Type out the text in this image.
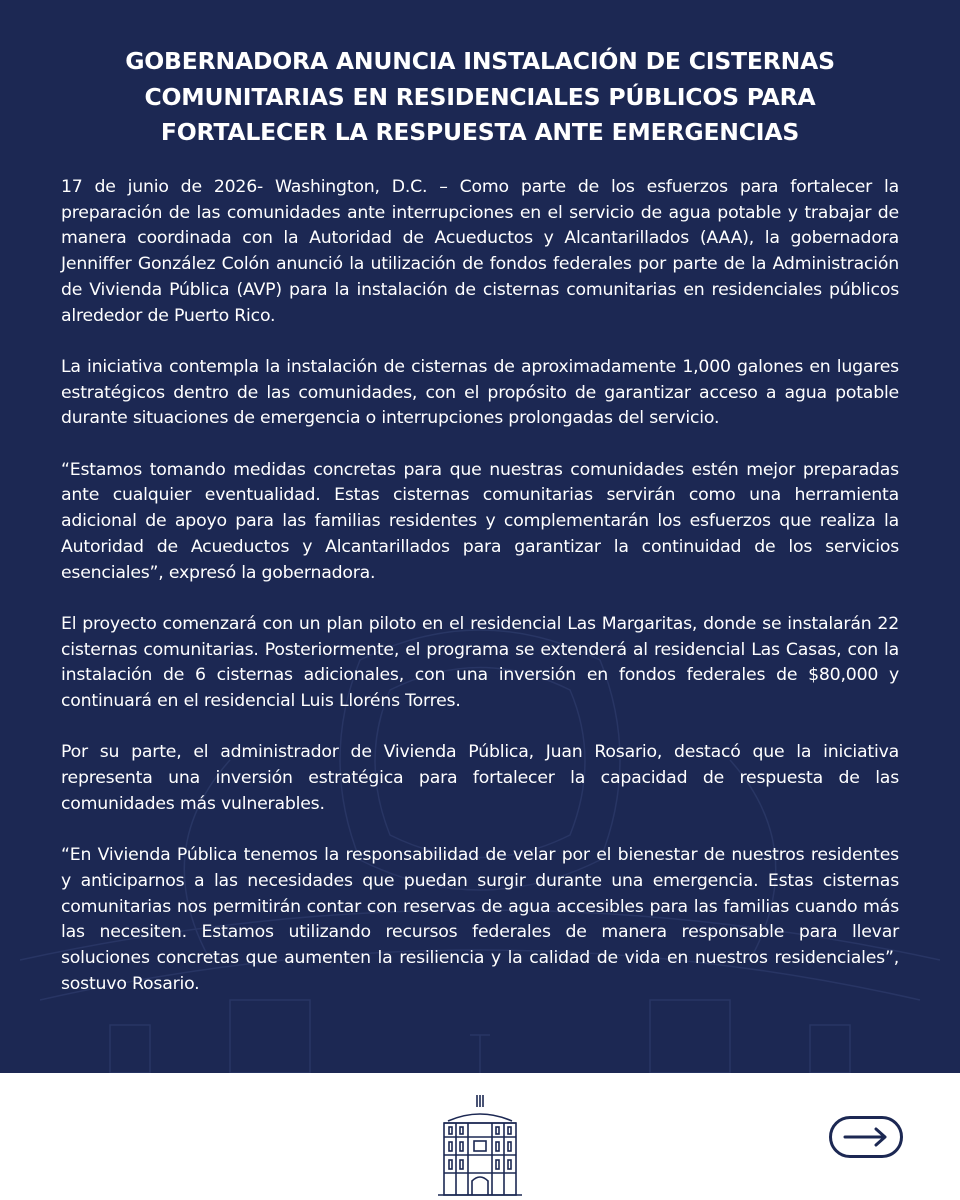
GOBERNADORA ANUNCIA INSTALACIÓN DE CISTERNAS
COMUNITARIAS EN RESIDENCIALES PÚBLICOS PARA
FORTALECER LA RESPUESTA ANTE EMERGENCIAS

17 de junio de 2026- Washington, D.C. – Como parte de los esfuerzos para fortalecer la preparación de las comunidades ante interrupciones en el servicio de agua potable y trabajar de manera coordinada con la Autoridad de Acueductos y Alcantarillados (AAA), la gobernadora Jenniffer González Colón anunció la utilización de fondos federales por parte de la Administración de Vivienda Pública (AVP) para la instalación de cisternas comunitarias en residenciales públicos alrededor de Puerto Rico.

La iniciativa contempla la instalación de cisternas de aproximadamente 1,000 galones en lugares estratégicos dentro de las comunidades, con el propósito de garantizar acceso a agua potable durante situaciones de emergencia o interrupciones prolongadas del servicio.

“Estamos tomando medidas concretas para que nuestras comunidades estén mejor preparadas ante cualquier eventualidad. Estas cisternas comunitarias servirán como una herramienta adicional de apoyo para las familias residentes y complementarán los esfuerzos que realiza la Autoridad de Acueductos y Alcantarillados para garantizar la continuidad de los servicios esenciales”, expresó la gobernadora.

El proyecto comenzará con un plan piloto en el residencial Las Margaritas, donde se instalarán 22 cisternas comunitarias. Posteriormente, el programa se extenderá al residencial Las Casas, con la instalación de 6 cisternas adicionales, con una inversión en fondos federales de $80,000 y continuará en el residencial Luis Lloréns Torres.

Por su parte, el administrador de Vivienda Pública, Juan Rosario, destacó que la iniciativa representa una inversión estratégica para fortalecer la capacidad de respuesta de las comunidades más vulnerables.

“En Vivienda Pública tenemos la responsabilidad de velar por el bienestar de nuestros residentes y anticiparnos a las necesidades que puedan surgir durante una emergencia. Estas cisternas comunitarias nos permitirán contar con reservas de agua accesibles para las familias cuando más las necesiten. Estamos utilizando recursos federales de manera responsable para llevar soluciones concretas que aumenten la resiliencia y la calidad de vida en nuestros residenciales”, sostuvo Rosario.
